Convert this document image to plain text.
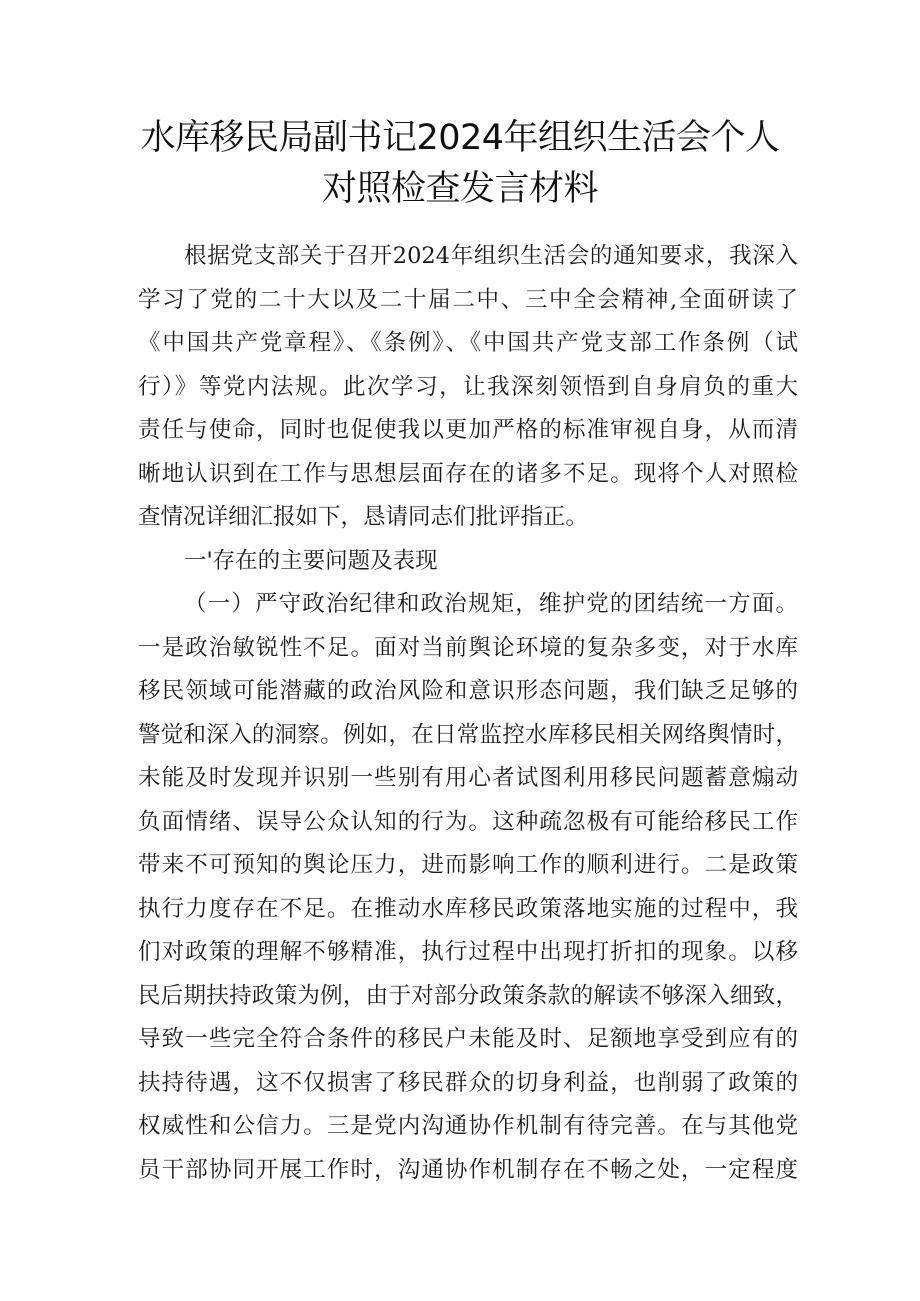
水库移民局副书记2024年组织生活会个人
对照检查发言材料
根据党支部关于召开2024年组织生活会的通知要求，我深入
学习了党的二十大以及二十届二中、三中全会精神,全面研读了
《中国共产党章程》、《条例》、《中国共产党支部工作条例（试
行）》等党内法规。此次学习，让我深刻领悟到自身肩负的重大
责任与使命，同时也促使我以更加严格的标准审视自身，从而清
晰地认识到在工作与思想层面存在的诸多不足。现将个人对照检
查情况详细汇报如下，恳请同志们批评指正。
一'存在的主要问题及表现
（一）严守政治纪律和政治规矩，维护党的团结统一方面。
一是政治敏锐性不足。面对当前舆论环境的复杂多变，对于水库
移民领域可能潜藏的政治风险和意识形态问题，我们缺乏足够的
警觉和深入的洞察。例如，在日常监控水库移民相关网络舆情时，
未能及时发现并识别一些别有用心者试图利用移民问题蓄意煽动
负面情绪、误导公众认知的行为。这种疏忽极有可能给移民工作
带来不可预知的舆论压力，进而影响工作的顺利进行。二是政策
执行力度存在不足。在推动水库移民政策落地实施的过程中，我
们对政策的理解不够精准，执行过程中出现打折扣的现象。以移
民后期扶持政策为例，由于对部分政策条款的解读不够深入细致，
导致一些完全符合条件的移民户未能及时、足额地享受到应有的
扶持待遇，这不仅损害了移民群众的切身利益，也削弱了政策的
权威性和公信力。三是党内沟通协作机制有待完善。在与其他党
员干部协同开展工作时，沟通协作机制存在不畅之处，一定程度
